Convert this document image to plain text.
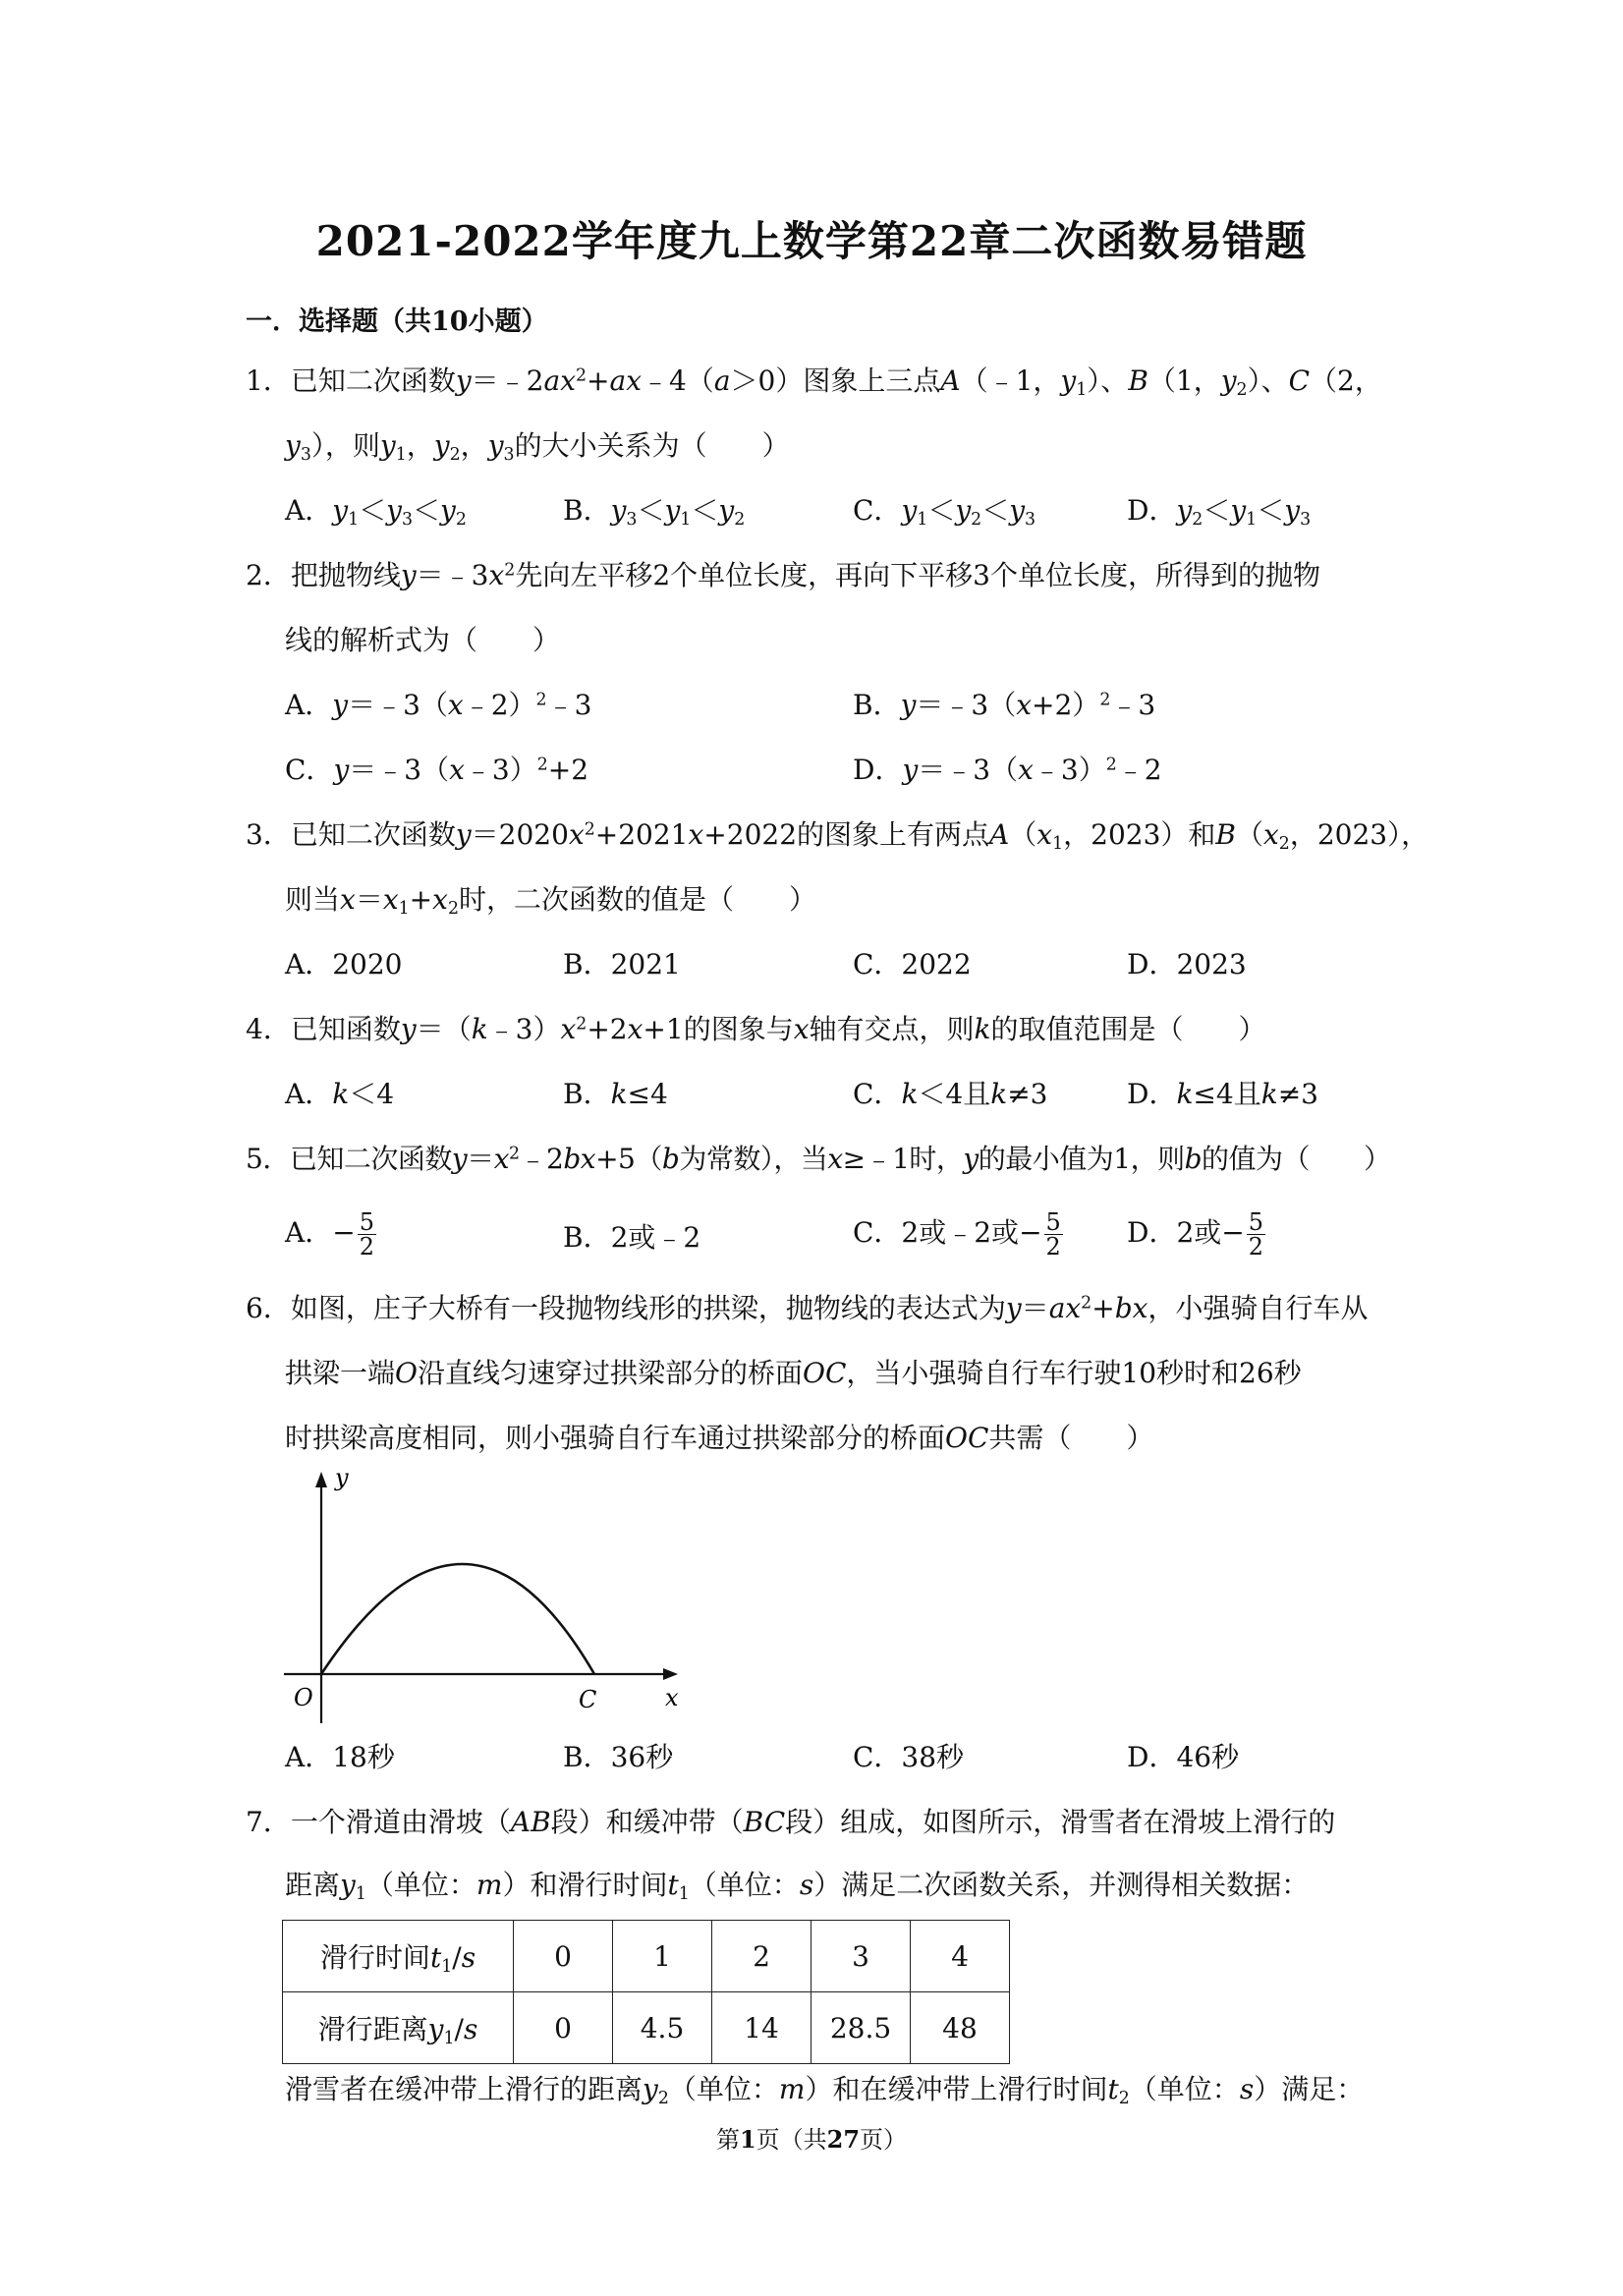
2021-2022学年度九上数学第22章二次函数易错题
一．选择题（共10小题）
1．已知二次函数$y=﹣2ax^2+ax﹣4(a>0)$图象上三点A（﹣1，$y_1$）、B（1，$y_2$）、C（2，
$y_3$），则$y_1$，$y_2$，$y_3$的大小关系为（　　）
A．$y_1<y_3<y_2$	B．$y_3<y_1<y_2$	C．$y_1<y_2<y_3$	D．$y_2<y_1<y_3$
2．把抛物线$y=﹣3x^2$先向左平移2个单位长度，再向下平移3个单位长度，所得到的抛物
线的解析式为（　　）
A．y＝﹣3（x﹣2）$^2$﹣3	B．$y=﹣3(x+2)^2﹣3$
C．y＝﹣3（x﹣3）$^2$+2	D．y＝﹣3（x﹣3）$^2$﹣2
3．已知二次函数$y=2020x^2+2021x+2022$的图象上有两点$A(x_1$，2023）和$B(x_2$，2023），
则当$x=x_1+x_2$时，二次函数的值是（　　）
A．2020	B．2021	C．2022	D．2023
4．已知函数$y=(k﹣3)x^2+2x+1$的图象与x轴有交点，则k的取值范围是（　　）
A．k＜4	B．k≤4	C．k＜4且k≠3	D．k≤4且k≠3
5．已知二次函数$y=x^2﹣2bx+5(b$为常数），当x≥﹣1时，y的最小值为1，则b的值为（　　）
A．− $\frac{5}{2}$	B．2或﹣2	C．2或﹣2或− $\frac{5}{2}$ D．2或− $\frac{5}{2}$
6．如图，庄子大桥有一段抛物线形的拱梁，抛物线的表达式为$y=ax^2+bx$，小强骑自行车从
拱梁一端O沿直线匀速穿过拱梁部分的桥面OC，当小强骑自行车行驶10秒时和26秒
时拱梁高度相同，则小强骑自行车通过拱梁部分的桥面OC共需（　　）
y
x
O	C
A．18秒	B．36秒	C．38秒	D．46秒
7．一个滑道由滑坡（AB段）和缓冲带（BC段）组成，如图所示，滑雪者在滑坡上滑行的
距离$y_1$（单位：m）和滑行时间$t_1$（单位：s）满足二次函数关系，并测得相关数据：
滑行时间$t_1/s$	0	1	2	3	4
滑行距离$y_1/s$	0	4.5	14	28.5	48
滑雪者在缓冲带上滑行的距离$y_2$（单位：m）和在缓冲带上滑行时间$t_2$（单位：s）满足：
第1页（共27页）
